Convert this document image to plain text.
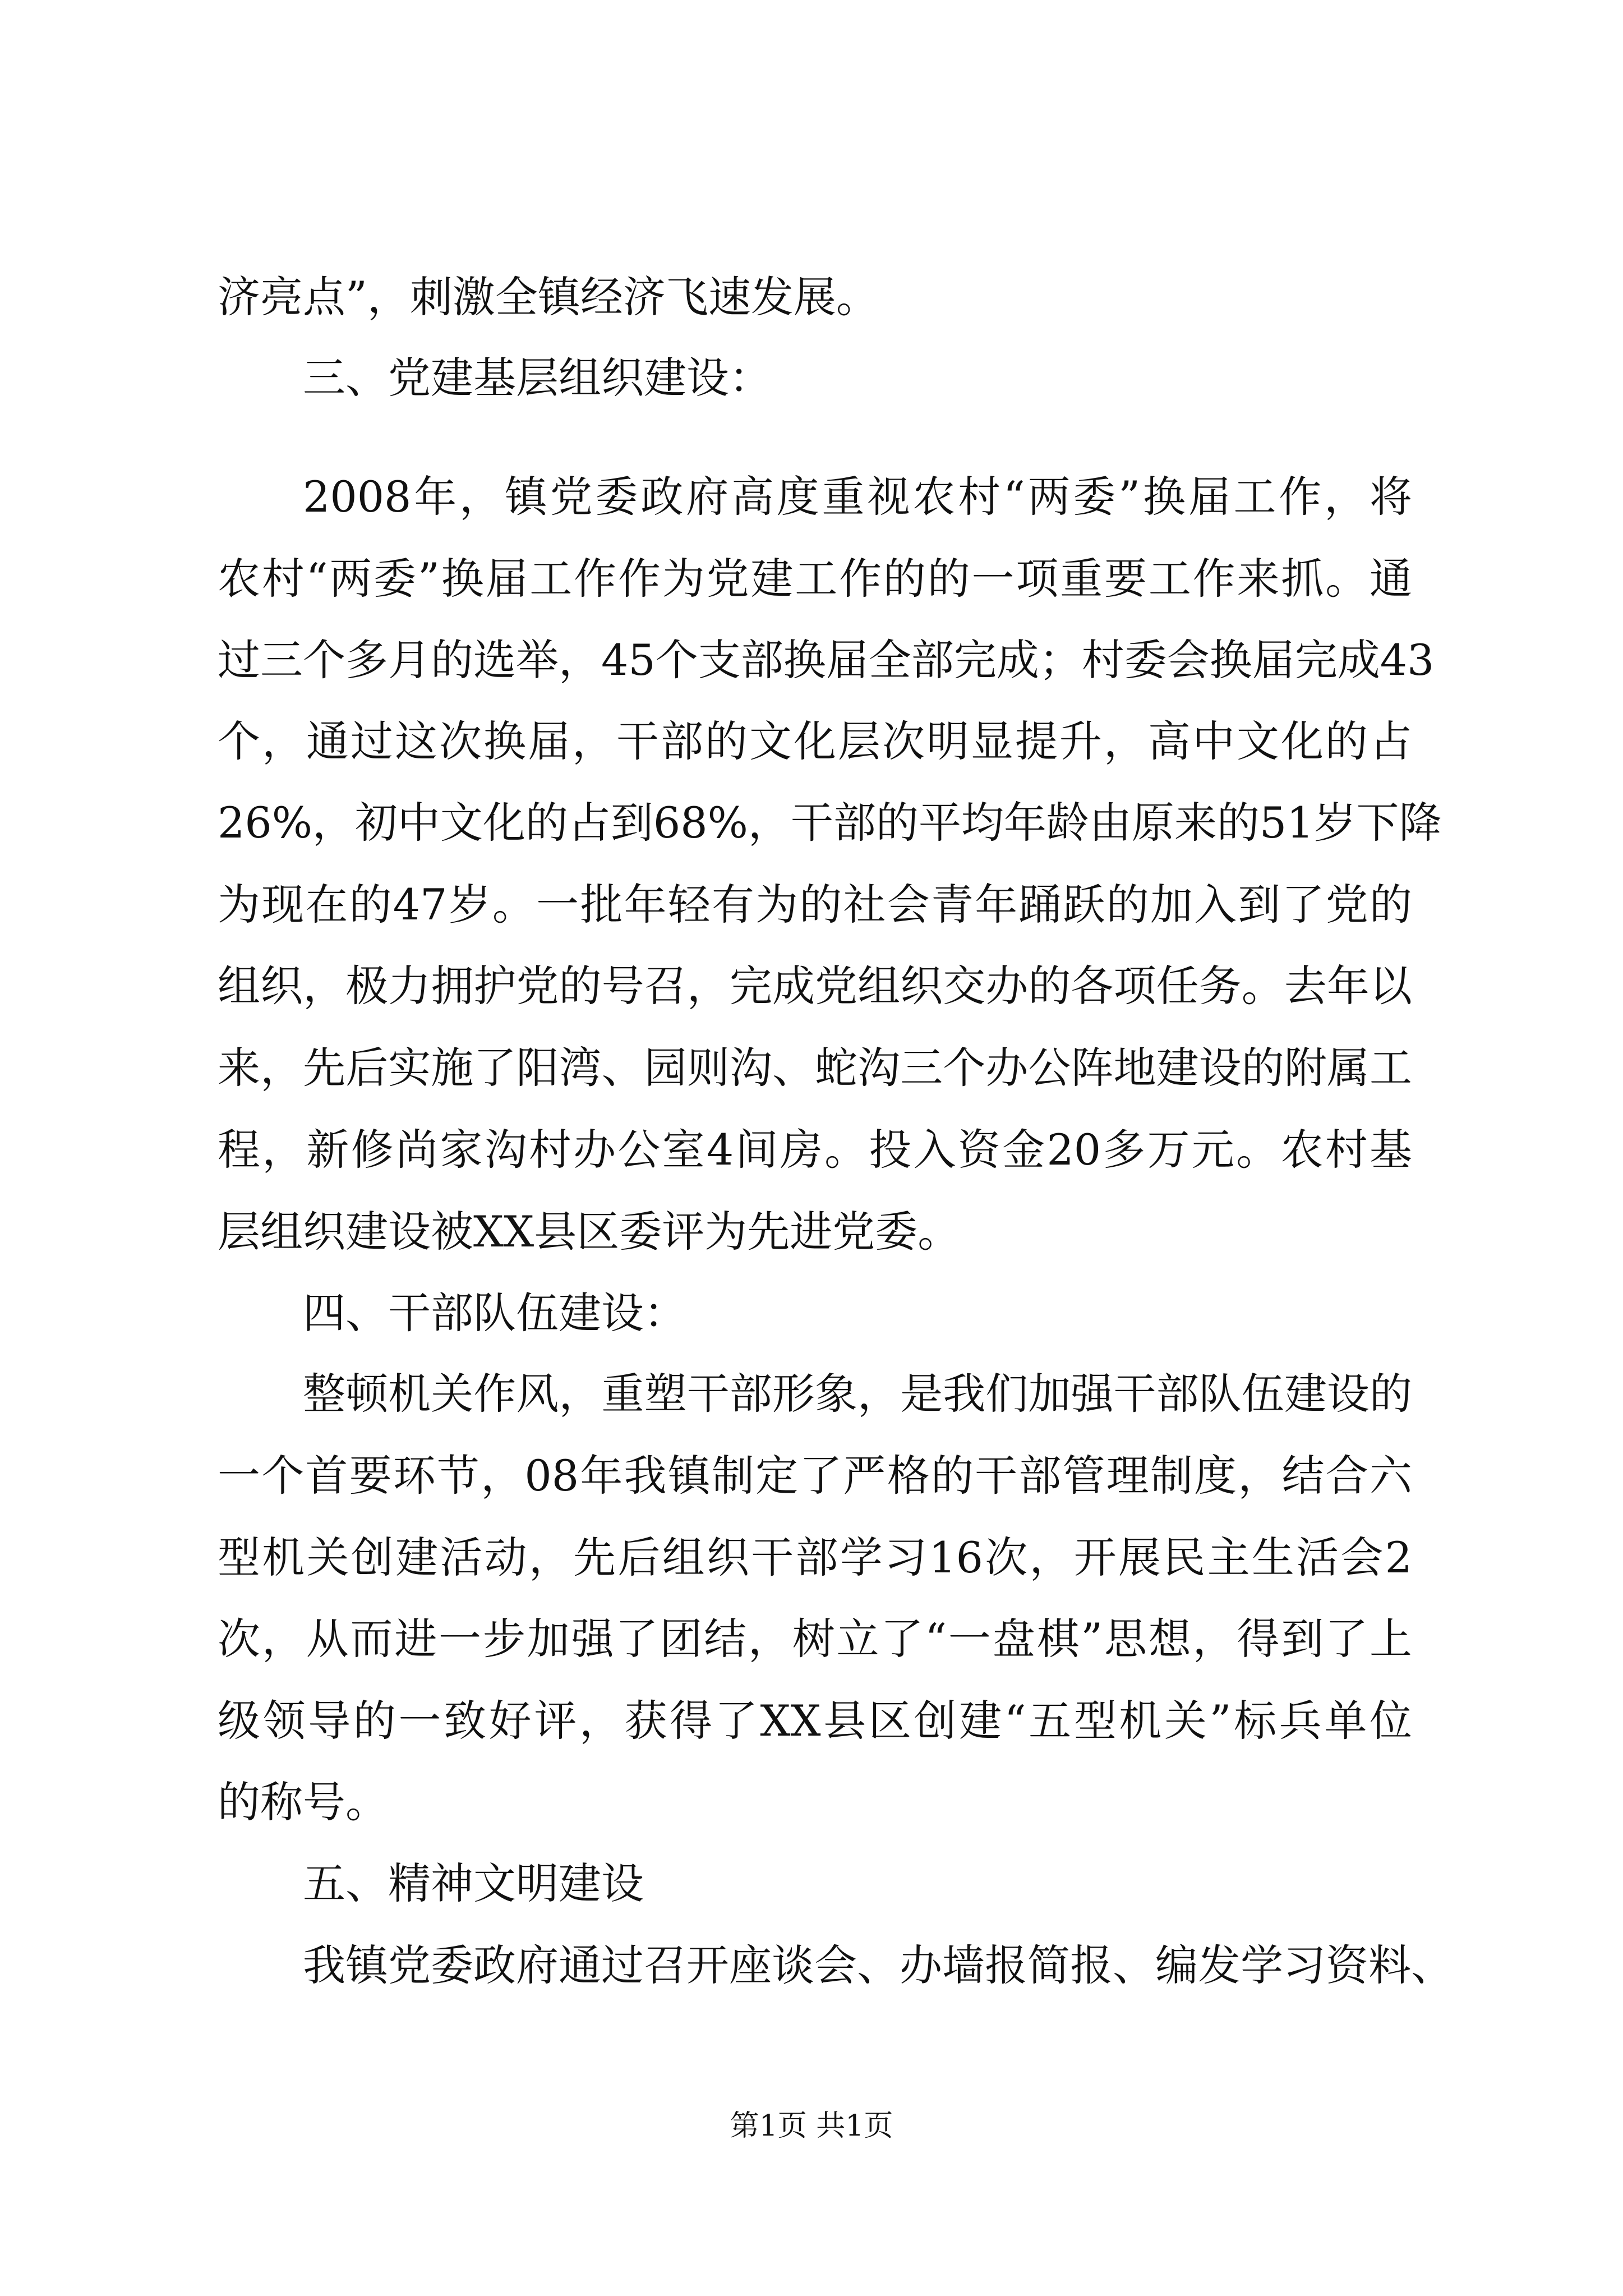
济亮点”，刺激全镇经济飞速发展。
三、党建基层组织建设：
2008年，镇党委政府高度重视农村“两委”换届工作，将
农村“两委”换届工作作为党建工作的的一项重要工作来抓。通
过三个多月的选举，45个支部换届全部完成；村委会换届完成43
个，通过这次换届，干部的文化层次明显提升，高中文化的占
26%，初中文化的占到68%，干部的平均年龄由原来的51岁下降
为现在的47岁。一批年轻有为的社会青年踊跃的加入到了党的
组织，极力拥护党的号召，完成党组织交办的各项任务。去年以
来，先后实施了阳湾、园则沟、蛇沟三个办公阵地建设的附属工
程，新修尚家沟村办公室4间房。投入资金20多万元。农村基
层组织建设被XX县区委评为先进党委。
四、干部队伍建设：
整顿机关作风，重塑干部形象，是我们加强干部队伍建设的
一个首要环节，08年我镇制定了严格的干部管理制度，结合六
型机关创建活动，先后组织干部学习16次，开展民主生活会2
次，从而进一步加强了团结，树立了“一盘棋”思想，得到了上
级领导的一致好评，获得了XX县区创建“五型机关”标兵单位
的称号。
五、精神文明建设
我镇党委政府通过召开座谈会、办墙报简报、编发学习资料、
第1页 共1页
